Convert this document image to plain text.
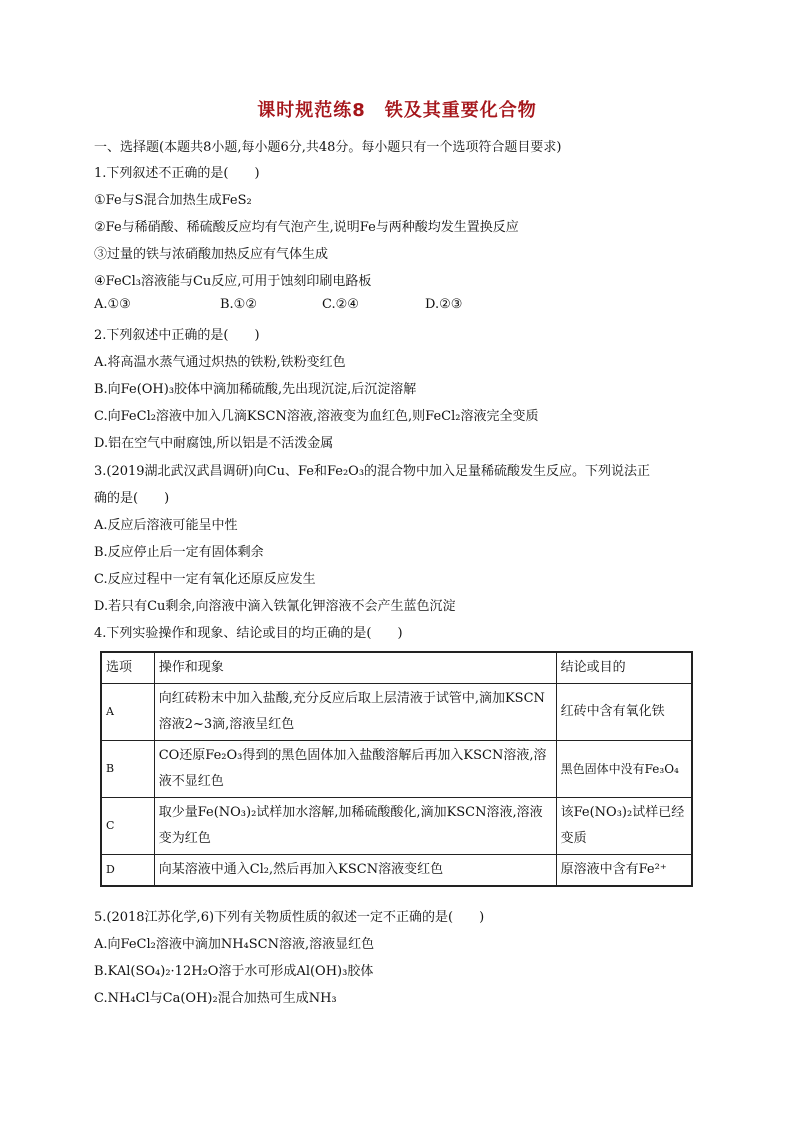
课时规范练8　铁及其重要化合物
一、选择题(本题共8小题,每小题6分,共48分。每小题只有一个选项符合题目要求)
1.下列叙述不正确的是(　　)
①Fe与S混合加热生成FeS₂
②Fe与稀硝酸、稀硫酸反应均有气泡产生,说明Fe与两种酸均发生置换反应
③过量的铁与浓硝酸加热反应有气体生成
④FeCl₃溶液能与Cu反应,可用于蚀刻印刷电路板
A.①③	B.①②	C.②④	D.②③
2.下列叙述中正确的是(　　)
A.将高温水蒸气通过炽热的铁粉,铁粉变红色
B.向Fe(OH)₃胶体中滴加稀硫酸,先出现沉淀,后沉淀溶解
C.向FeCl₂溶液中加入几滴KSCN溶液,溶液变为血红色,则FeCl₂溶液完全变质
D.铝在空气中耐腐蚀,所以铝是不活泼金属
3.(2019湖北武汉武昌调研)向Cu、Fe和Fe₂O₃的混合物中加入足量稀硫酸发生反应。下列说法正
确的是(　　)
A.反应后溶液可能呈中性
B.反应停止后一定有固体剩余
C.反应过程中一定有氧化还原反应发生
D.若只有Cu剩余,向溶液中滴入铁氰化钾溶液不会产生蓝色沉淀
4.下列实验操作和现象、结论或目的均正确的是(　　)
选项	操作和现象	结论或目的
A	向红砖粉末中加入盐酸,充分反应后取上层清液于试管中,滴加KSCN溶液2~3滴,溶液呈红色	红砖中含有氧化铁
B	CO还原Fe₂O₃得到的黑色固体加入盐酸溶解后再加入KSCN溶液,溶液不显红色	黑色固体中没有Fe₃O₄
C	取少量Fe(NO₃)₂试样加水溶解,加稀硫酸酸化,滴加KSCN溶液,溶液变为红色	该Fe(NO₃)₂试样已经变质
D	向某溶液中通入Cl₂,然后再加入KSCN溶液变红色	原溶液中含有Fe²⁺
5.(2018江苏化学,6)下列有关物质性质的叙述一定不正确的是(　　)
A.向FeCl₂溶液中滴加NH₄SCN溶液,溶液显红色
B.KAl(SO₄)₂·12H₂O溶于水可形成Al(OH)₃胶体
C.NH₄Cl与Ca(OH)₂混合加热可生成NH₃
